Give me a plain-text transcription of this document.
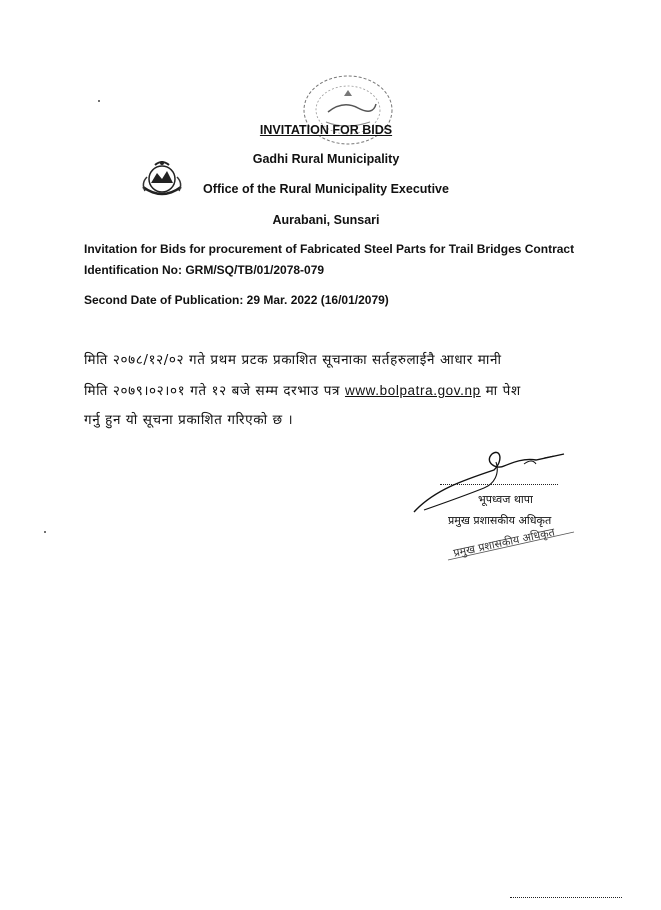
INVITATION FOR BIDS
Gadhi Rural Municipality
Office of the Rural Municipality Executive
Aurabani, Sunsari
Invitation for Bids for procurement of Fabricated Steel Parts for Trail Bridges Contract
Identification No: GRM/SQ/TB/01/2078-079
Second Date of Publication: 29 Mar. 2022 (16/01/2079)
मिति २०७८/१२/०२ गते प्रथम प्रटक प्रकाशित सूचनाका सर्तहरुलाईनै आधार मानी
मिति २०७९।०२।०१ गते १२ बजे सम्म दरभाउ पत्र www.bolpatra.gov.np मा पेश
गर्नु हुन यो सूचना प्रकाशित गरिएको छ ।
भूपध्वज थापा
प्रमुख प्रशासकीय अधिकृत
प्रमुख प्रशासकीय अधिकृत
